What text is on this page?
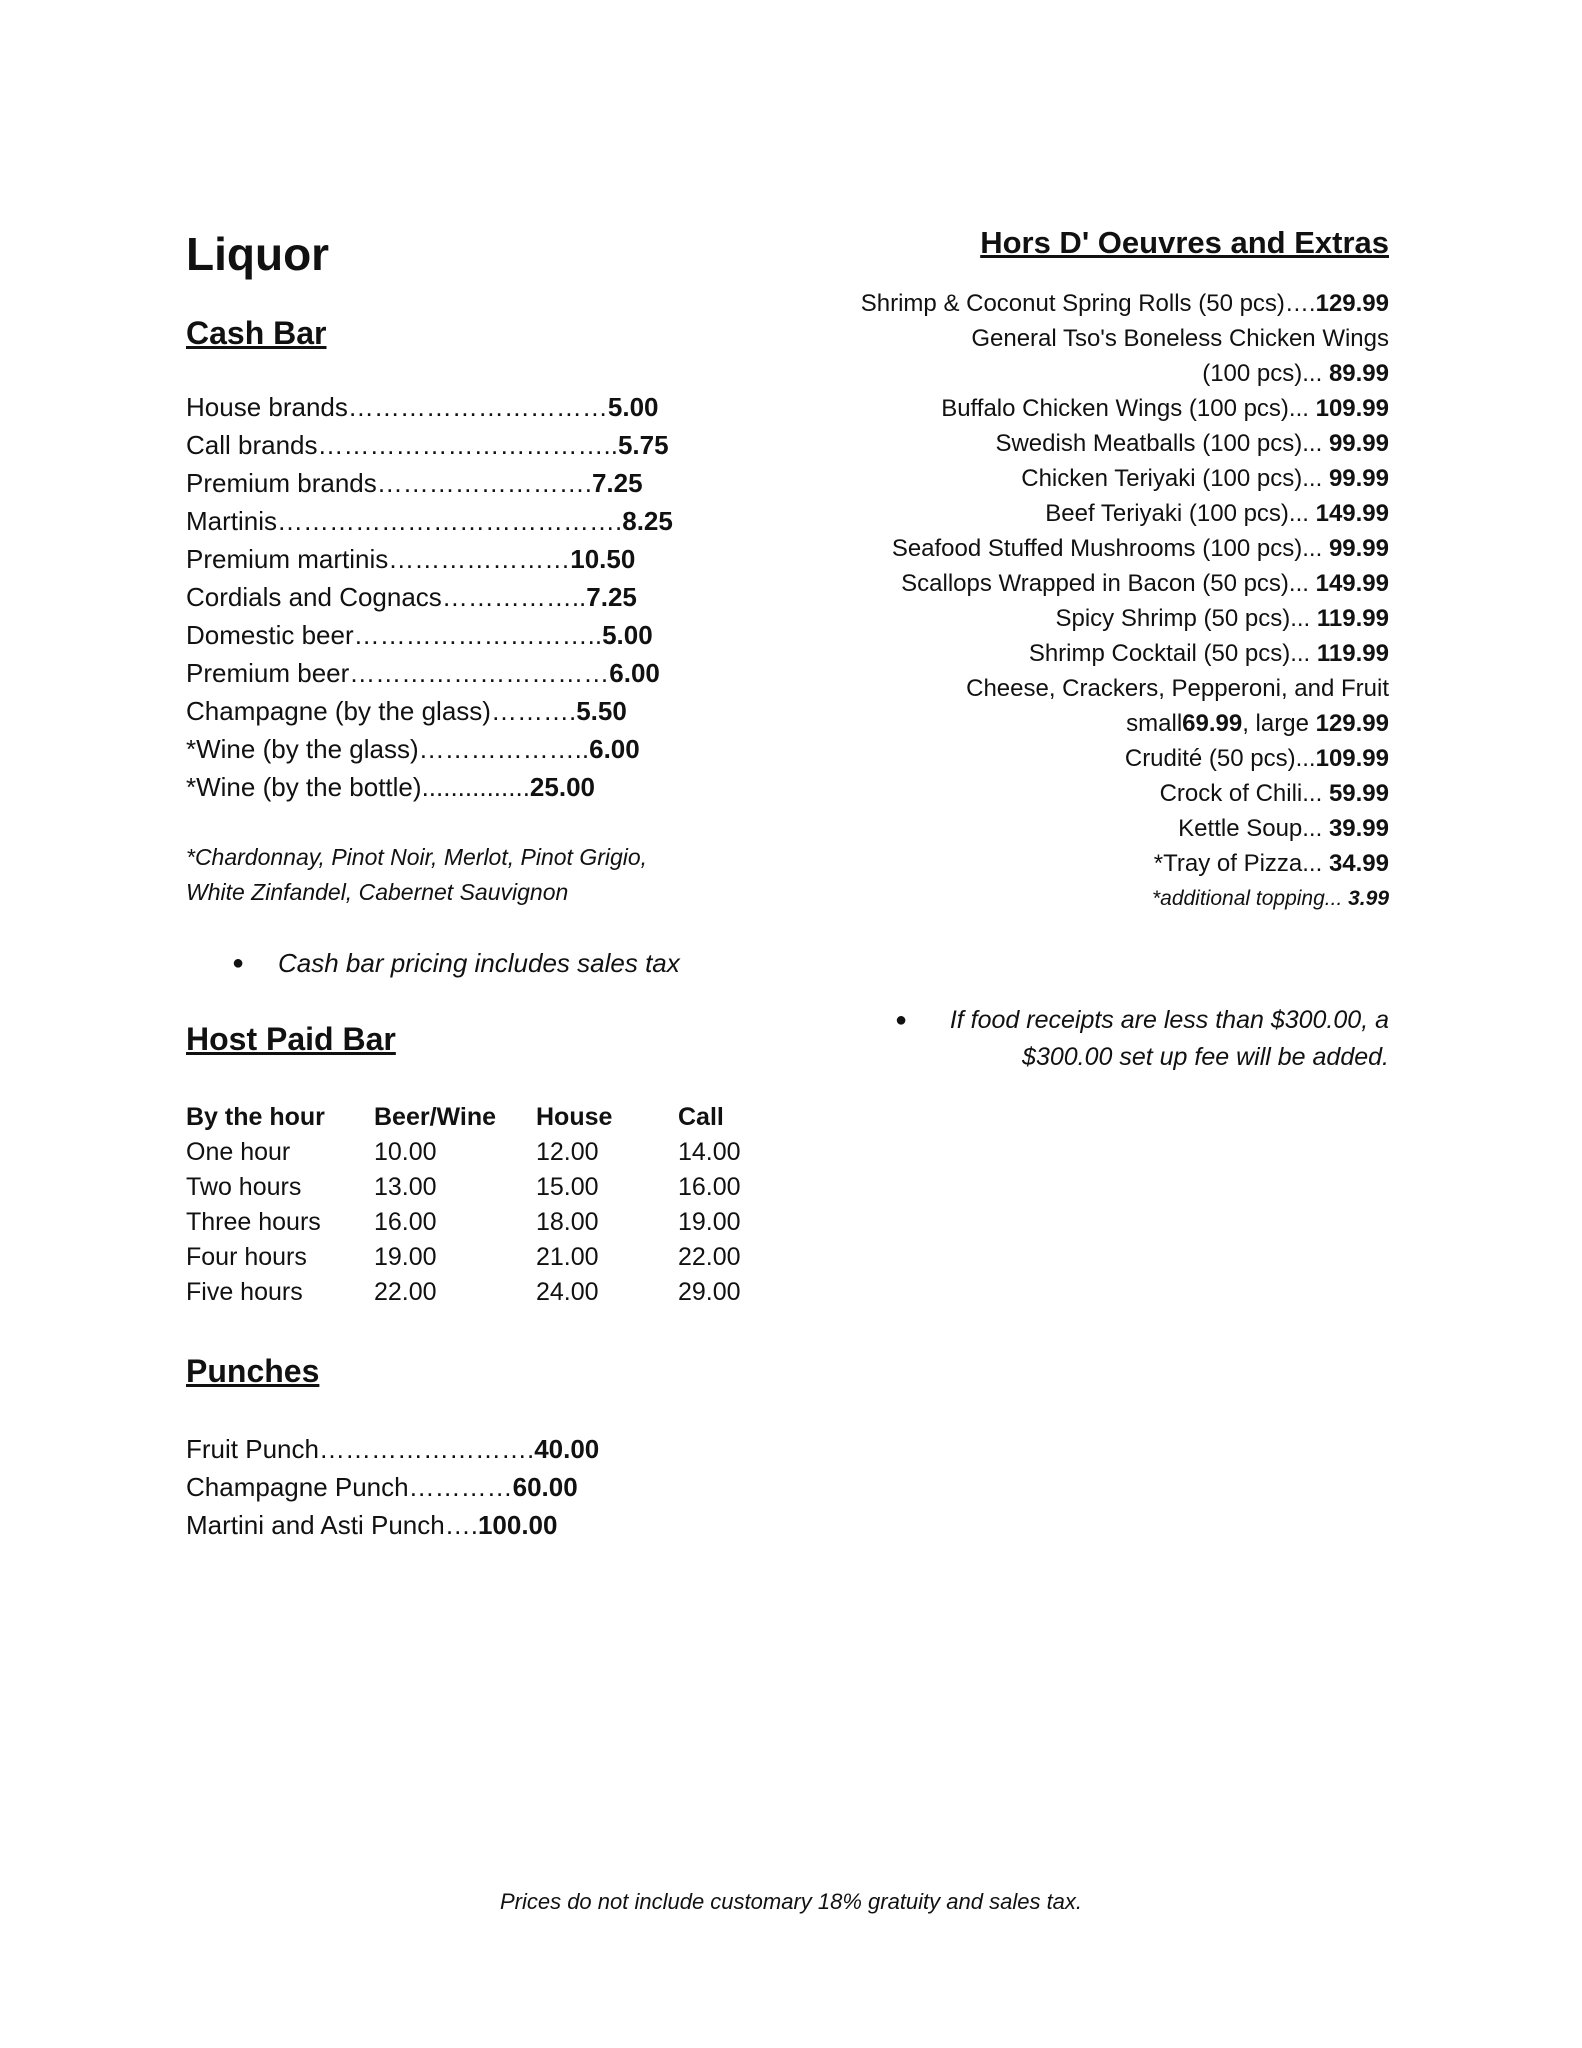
Liquor
Cash Bar
House brands…………………………5.00
Call brands……………………………..5.75
Premium brands…………………….7.25
Martinis………………………………….8.25
Premium martinis…………………10.50
Cordials and Cognacs……………..7.25
Domestic beer………………………..5.00
Premium beer…………………………6.00
Champagne (by the glass)……….5.50
*Wine (by the glass)………………..6.00
*Wine (by the bottle)...............25.00
*Chardonnay, Pinot Noir, Merlot, Pinot Grigio,
White Zinfandel, Cabernet Sauvignon
● Cash bar pricing includes sales tax
Host Paid Bar
By the hour	Beer/Wine	House	Call
One hour	10.00	12.00	14.00
Two hours	13.00	15.00	16.00
Three hours	16.00	18.00	19.00
Four hours	19.00	21.00	22.00
Five hours	22.00	24.00	29.00
Punches
Fruit Punch…………………….40.00
Champagne Punch…………60.00
Martini and Asti Punch….100.00
Hors D' Oeuvres and Extras
Shrimp & Coconut Spring Rolls (50 pcs)….129.99
General Tso's Boneless Chicken Wings
(100 pcs)... 89.99
Buffalo Chicken Wings (100 pcs)... 109.99
Swedish Meatballs (100 pcs)... 99.99
Chicken Teriyaki (100 pcs)... 99.99
Beef Teriyaki (100 pcs)... 149.99
Seafood Stuffed Mushrooms (100 pcs)... 99.99
Scallops Wrapped in Bacon (50 pcs)... 149.99
Spicy Shrimp (50 pcs)... 119.99
Shrimp Cocktail (50 pcs)... 119.99
Cheese, Crackers, Pepperoni, and Fruit
small69.99, large 129.99
Crudité (50 pcs)...109.99
Crock of Chili... 59.99
Kettle Soup... 39.99
*Tray of Pizza... 34.99
*additional topping... 3.99
●	If food receipts are less than $300.00, a
$300.00 set up fee will be added.
Prices do not include customary 18% gratuity and sales tax.
